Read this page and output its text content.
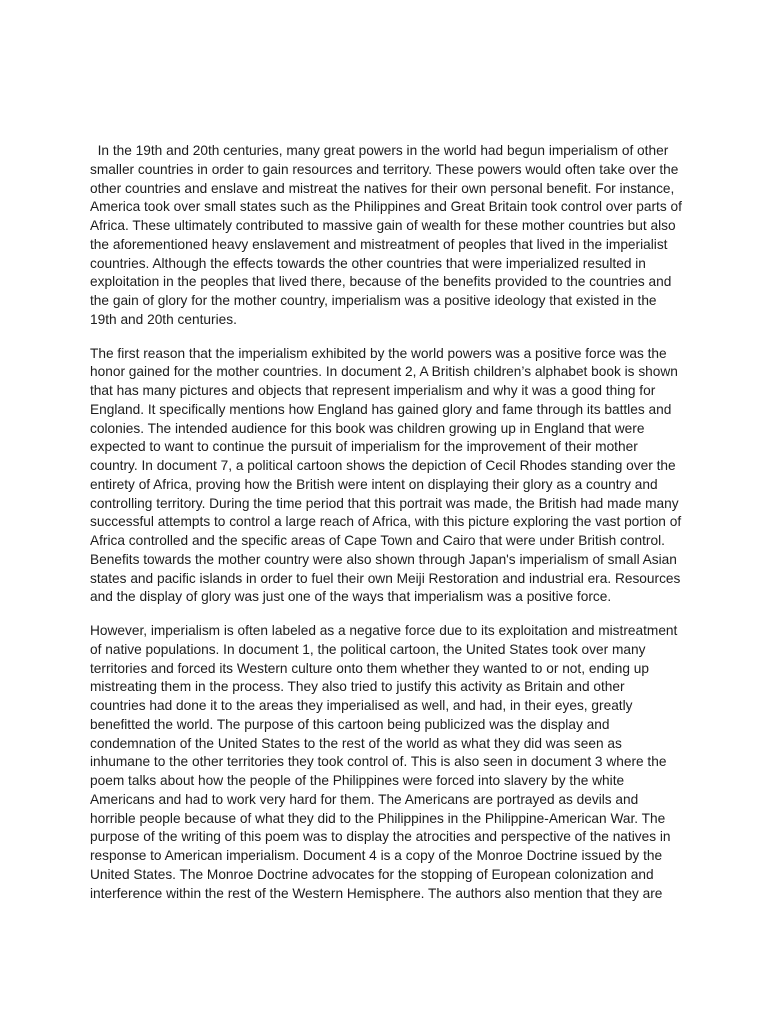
In the 19th and 20th centuries, many great powers in the world had begun imperialism of other smaller countries in order to gain resources and territory. These powers would often take over the other countries and enslave and mistreat the natives for their own personal benefit. For instance, America took over small states such as the Philippines and Great Britain took control over parts of Africa. These ultimately contributed to massive gain of wealth for these mother countries but also the aforementioned heavy enslavement and mistreatment of peoples that lived in the imperialist countries. Although the effects towards the other countries that were imperialized resulted in exploitation in the peoples that lived there, because of the benefits provided to the countries and the gain of glory for the mother country, imperialism was a positive ideology that existed in the 19th and 20th centuries.

The first reason that the imperialism exhibited by the world powers was a positive force was the honor gained for the mother countries. In document 2, A British children’s alphabet book is shown that has many pictures and objects that represent imperialism and why it was a good thing for England. It specifically mentions how England has gained glory and fame through its battles and colonies. The intended audience for this book was children growing up in England that were expected to want to continue the pursuit of imperialism for the improvement of their mother country. In document 7, a political cartoon shows the depiction of Cecil Rhodes standing over the entirety of Africa, proving how the British were intent on displaying their glory as a country and controlling territory. During the time period that this portrait was made, the British had made many successful attempts to control a large reach of Africa, with this picture exploring the vast portion of Africa controlled and the specific areas of Cape Town and Cairo that were under British control. Benefits towards the mother country were also shown through Japan's imperialism of small Asian states and pacific islands in order to fuel their own Meiji Restoration and industrial era. Resources and the display of glory was just one of the ways that imperialism was a positive force.

However, imperialism is often labeled as a negative force due to its exploitation and mistreatment of native populations. In document 1, the political cartoon, the United States took over many territories and forced its Western culture onto them whether they wanted to or not, ending up mistreating them in the process. They also tried to justify this activity as Britain and other countries had done it to the areas they imperialised as well, and had, in their eyes, greatly benefitted the world. The purpose of this cartoon being publicized was the display and condemnation of the United States to the rest of the world as what they did was seen as inhumane to the other territories they took control of. This is also seen in document 3 where the poem talks about how the people of the Philippines were forced into slavery by the white Americans and had to work very hard for them. The Americans are portrayed as devils and horrible people because of what they did to the Philippines in the Philippine-American War. The purpose of the writing of this poem was to display the atrocities and perspective of the natives in response to American imperialism. Document 4 is a copy of the Monroe Doctrine issued by the United States. The Monroe Doctrine advocates for the stopping of European colonization and interference within the rest of the Western Hemisphere. The authors also mention that they are
